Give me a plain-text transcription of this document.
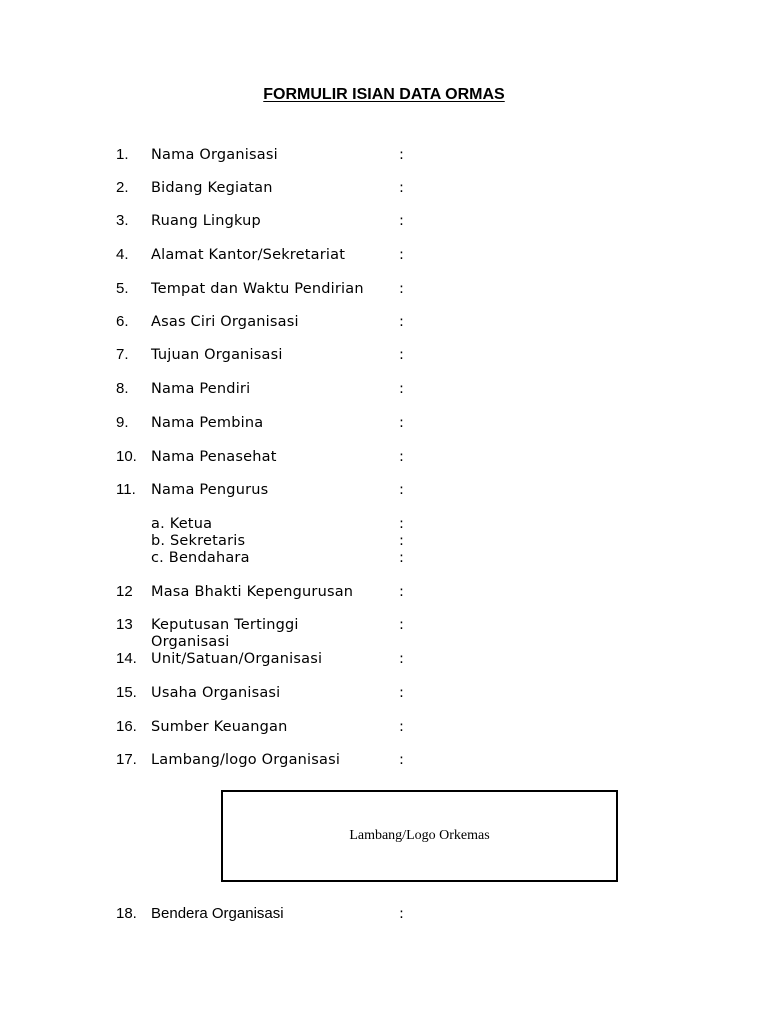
FORMULIR ISIAN DATA ORMAS
1. Nama Organisasi	:
2. Bidang Kegiatan	:
3. Ruang Lingkup	:
4. Alamat Kantor/Sekretariat	:
5. Tempat dan Waktu Pendirian :
6. Asas Ciri Organisasi	:
7. Tujuan Organisasi	:
8. Nama Pendiri	:
9. Nama Pembina	:
10. Nama Penasehat	:
11. Nama Pengurus	:
a. Ketua	:
b. Sekretaris	:
c. Bendahara	:
12 Masa Bhakti Kepengurusan	:
13 Keputusan Tertinggi	:
Organisasi
14. Unit/Satuan/Organisasi	:
15. Usaha Organisasi	:
16. Sumber Keuangan	:
17. Lambang/logo Organisasi	:
Lambang/Logo Orkemas
18. Bendera Organisasi	:
